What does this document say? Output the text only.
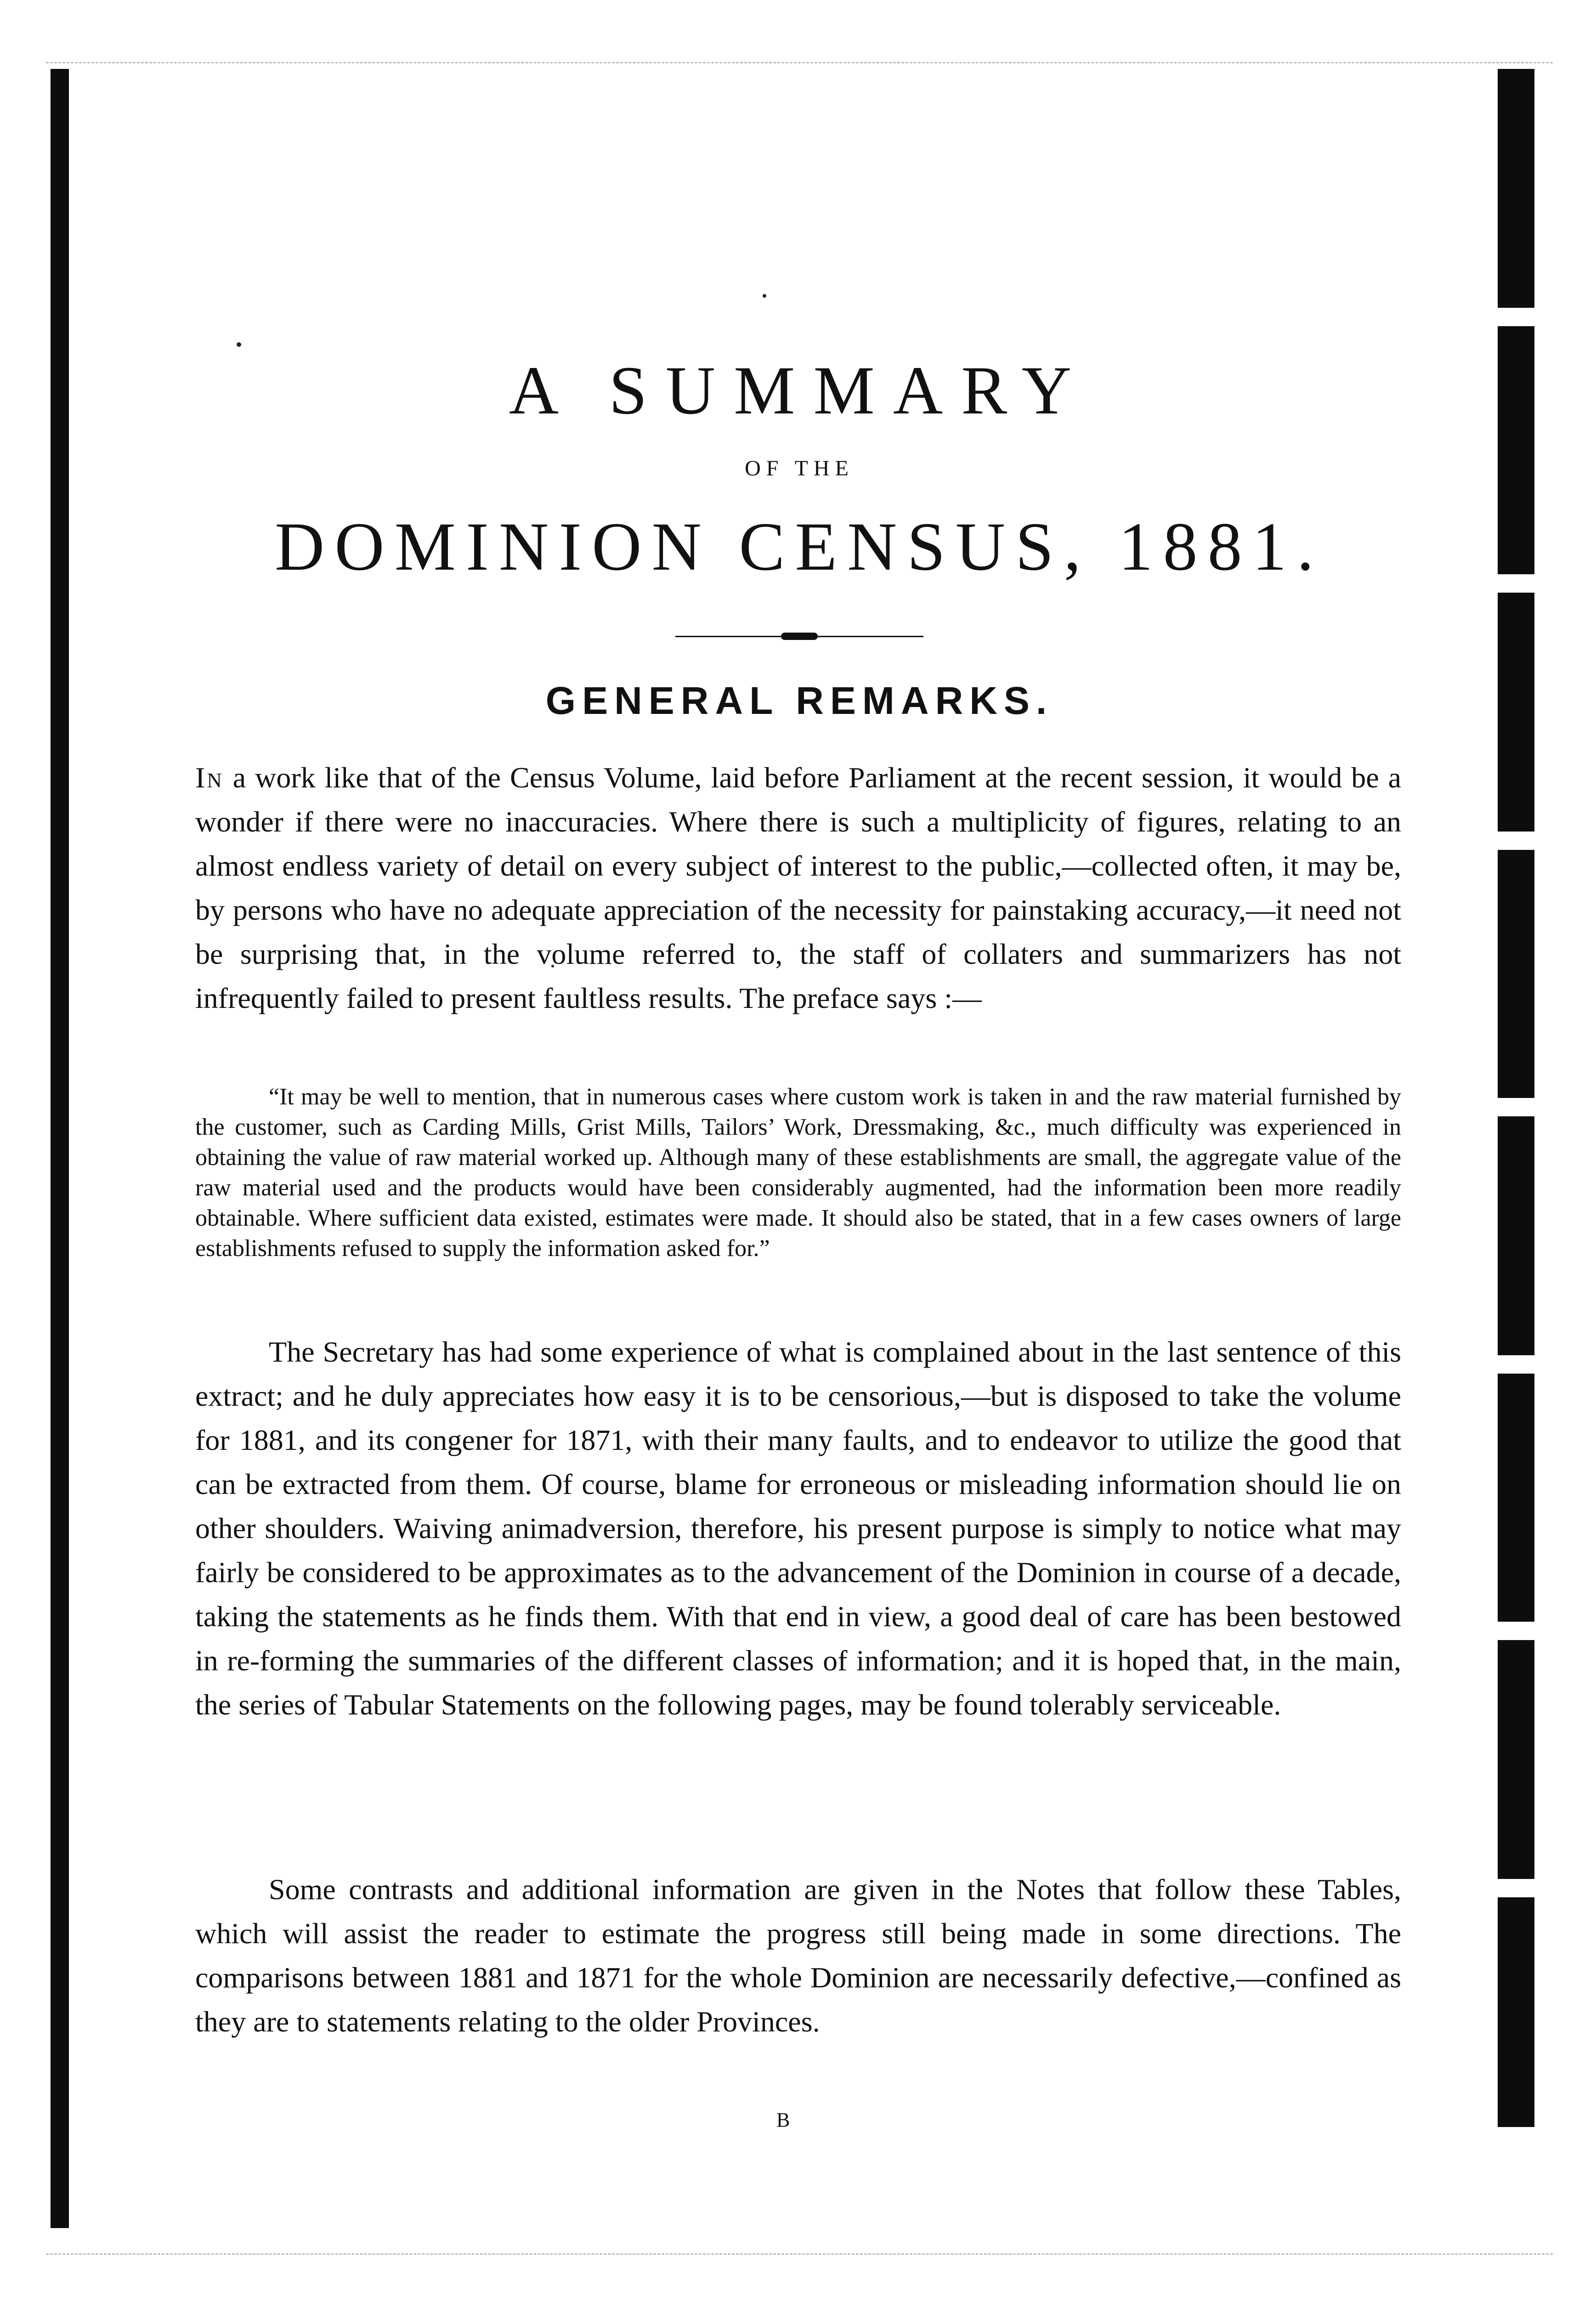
A SUMMARY
OF THE
DOMINION CENSUS, 1881.
GENERAL REMARKS.

In a work like that of the Census Volume, laid before Parliament at the recent session, it would be a wonder if there were no inaccuracies. Where there is such a multiplicity of figures, relating to an almost endless variety of detail on every subject of interest to the public,—collected often, it may be, by persons who have no adequate appreciation of the necessity for painstaking accuracy,—it need not be surprising that, in the volume referred to, the staff of collaters and summarizers has not infrequently failed to present faultless results. The preface says :—

“It may be well to mention, that in numerous cases where custom work is taken in and the raw material furnished by the customer, such as Carding Mills, Grist Mills, Tailors’ Work, Dressmaking, &c., much difficulty was experienced in obtaining the value of raw material worked up. Although many of these establishments are small, the aggregate value of the raw material used and the products would have been considerably augmented, had the information been more readily obtainable. Where sufficient data existed, estimates were made. It should also be stated, that in a few cases owners of large establishments refused to supply the information asked for.”

The Secretary has had some experience of what is complained about in the last sentence of this extract; and he duly appreciates how easy it is to be censorious,—but is disposed to take the volume for 1881, and its congener for 1871, with their many faults, and to endeavor to utilize the good that can be extracted from them. Of course, blame for erroneous or misleading information should lie on other shoulders. Waiving animadversion, therefore, his present purpose is simply to notice what may fairly be considered to be approximates as to the advancement of the Dominion in course of a decade, taking the statements as he finds them. With that end in view, a good deal of care has been bestowed in re-forming the summaries of the different classes of information; and it is hoped that, in the main, the series of Tabular Statements on the following pages, may be found tolerably serviceable.

Some contrasts and additional information are given in the Notes that follow these Tables, which will assist the reader to estimate the progress still being made in some directions. The comparisons between 1881 and 1871 for the whole Dominion are necessarily defective,—confined as they are to statements relating to the older Provinces.

B
